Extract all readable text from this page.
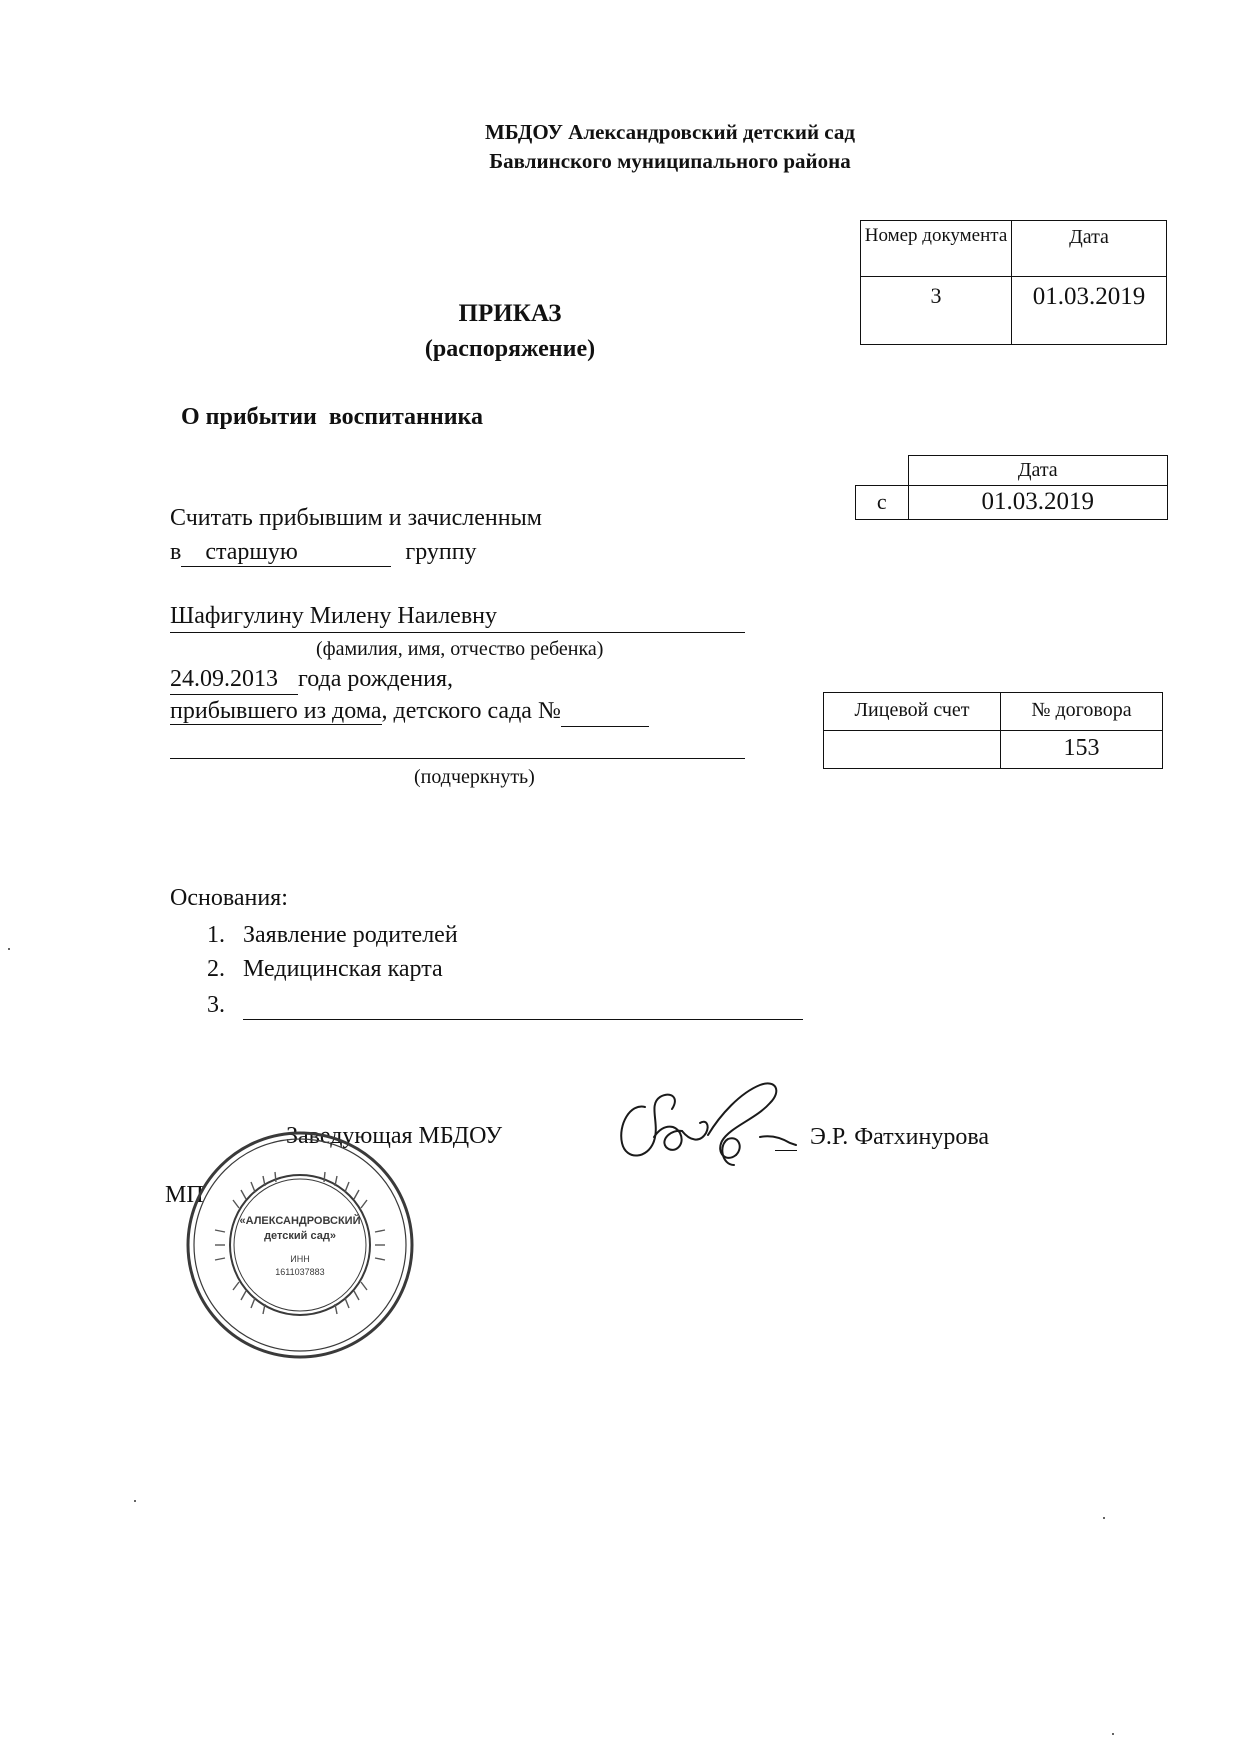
МБДОУ Александровский детский сад
Бавлинского муниципального района
Номер документа	Дата
3	01.03.2019
ПРИКАЗ
(распоряжение)
О прибытии  воспитанника
	Дата
с	01.03.2019
Считать прибывшим и зачисленным
в старшую	группу
Шафигулину Милену Наилевну
(фамилия, имя, отчество ребенка)
24.09.2013 года рождения,
прибывшего из дома, детского сада №
(подчеркнуть)
Лицевой счет	№ договора
	153
Основания:
1. Заявление родителей
2. Медицинская карта
3.
Заведующая МБДОУ	Э.Р. Фатхинурова
МП
«АЛЕКСАНДРОВСКИЙ
детский сад»
ИНН
1611037883
